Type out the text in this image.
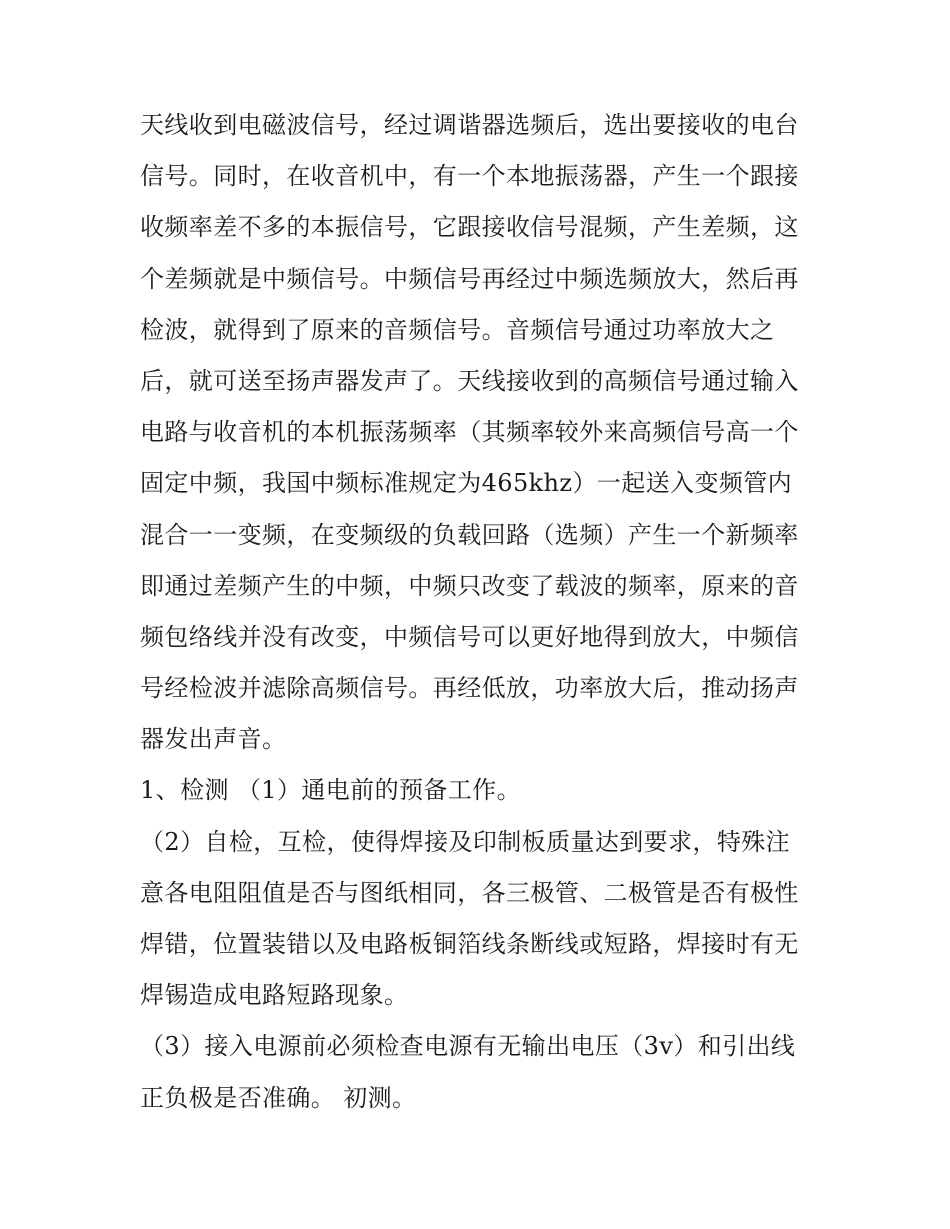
天线收到电磁波信号，经过调谐器选频后，选出要接收的电台
信号。同时，在收音机中，有一个本地振荡器，产生一个跟接
收频率差不多的本振信号，它跟接收信号混频，产生差频，这
个差频就是中频信号。中频信号再经过中频选频放大，然后再
检波，就得到了原来的音频信号。音频信号通过功率放大之
后，就可送至扬声器发声了。天线接收到的高频信号通过输入
电路与收音机的本机振荡频率（其频率较外来高频信号高一个
固定中频，我国中频标准规定为465khz）一起送入变频管内
混合一一变频，在变频级的负载回路（选频）产生一个新频率
即通过差频产生的中频，中频只改变了载波的频率，原来的音
频包络线并没有改变，中频信号可以更好地得到放大，中频信
号经检波并滤除高频信号。再经低放，功率放大后，推动扬声
器发出声音。
1、检测 （1）通电前的预备工作。
（2）自检，互检，使得焊接及印制板质量达到要求，特殊注
意各电阻阻值是否与图纸相同，各三极管、二极管是否有极性
焊错，位置装错以及电路板铜箔线条断线或短路，焊接时有无
焊锡造成电路短路现象。
（3）接入电源前必须检查电源有无输出电压（3v）和引出线
正负极是否准确。 初测。
